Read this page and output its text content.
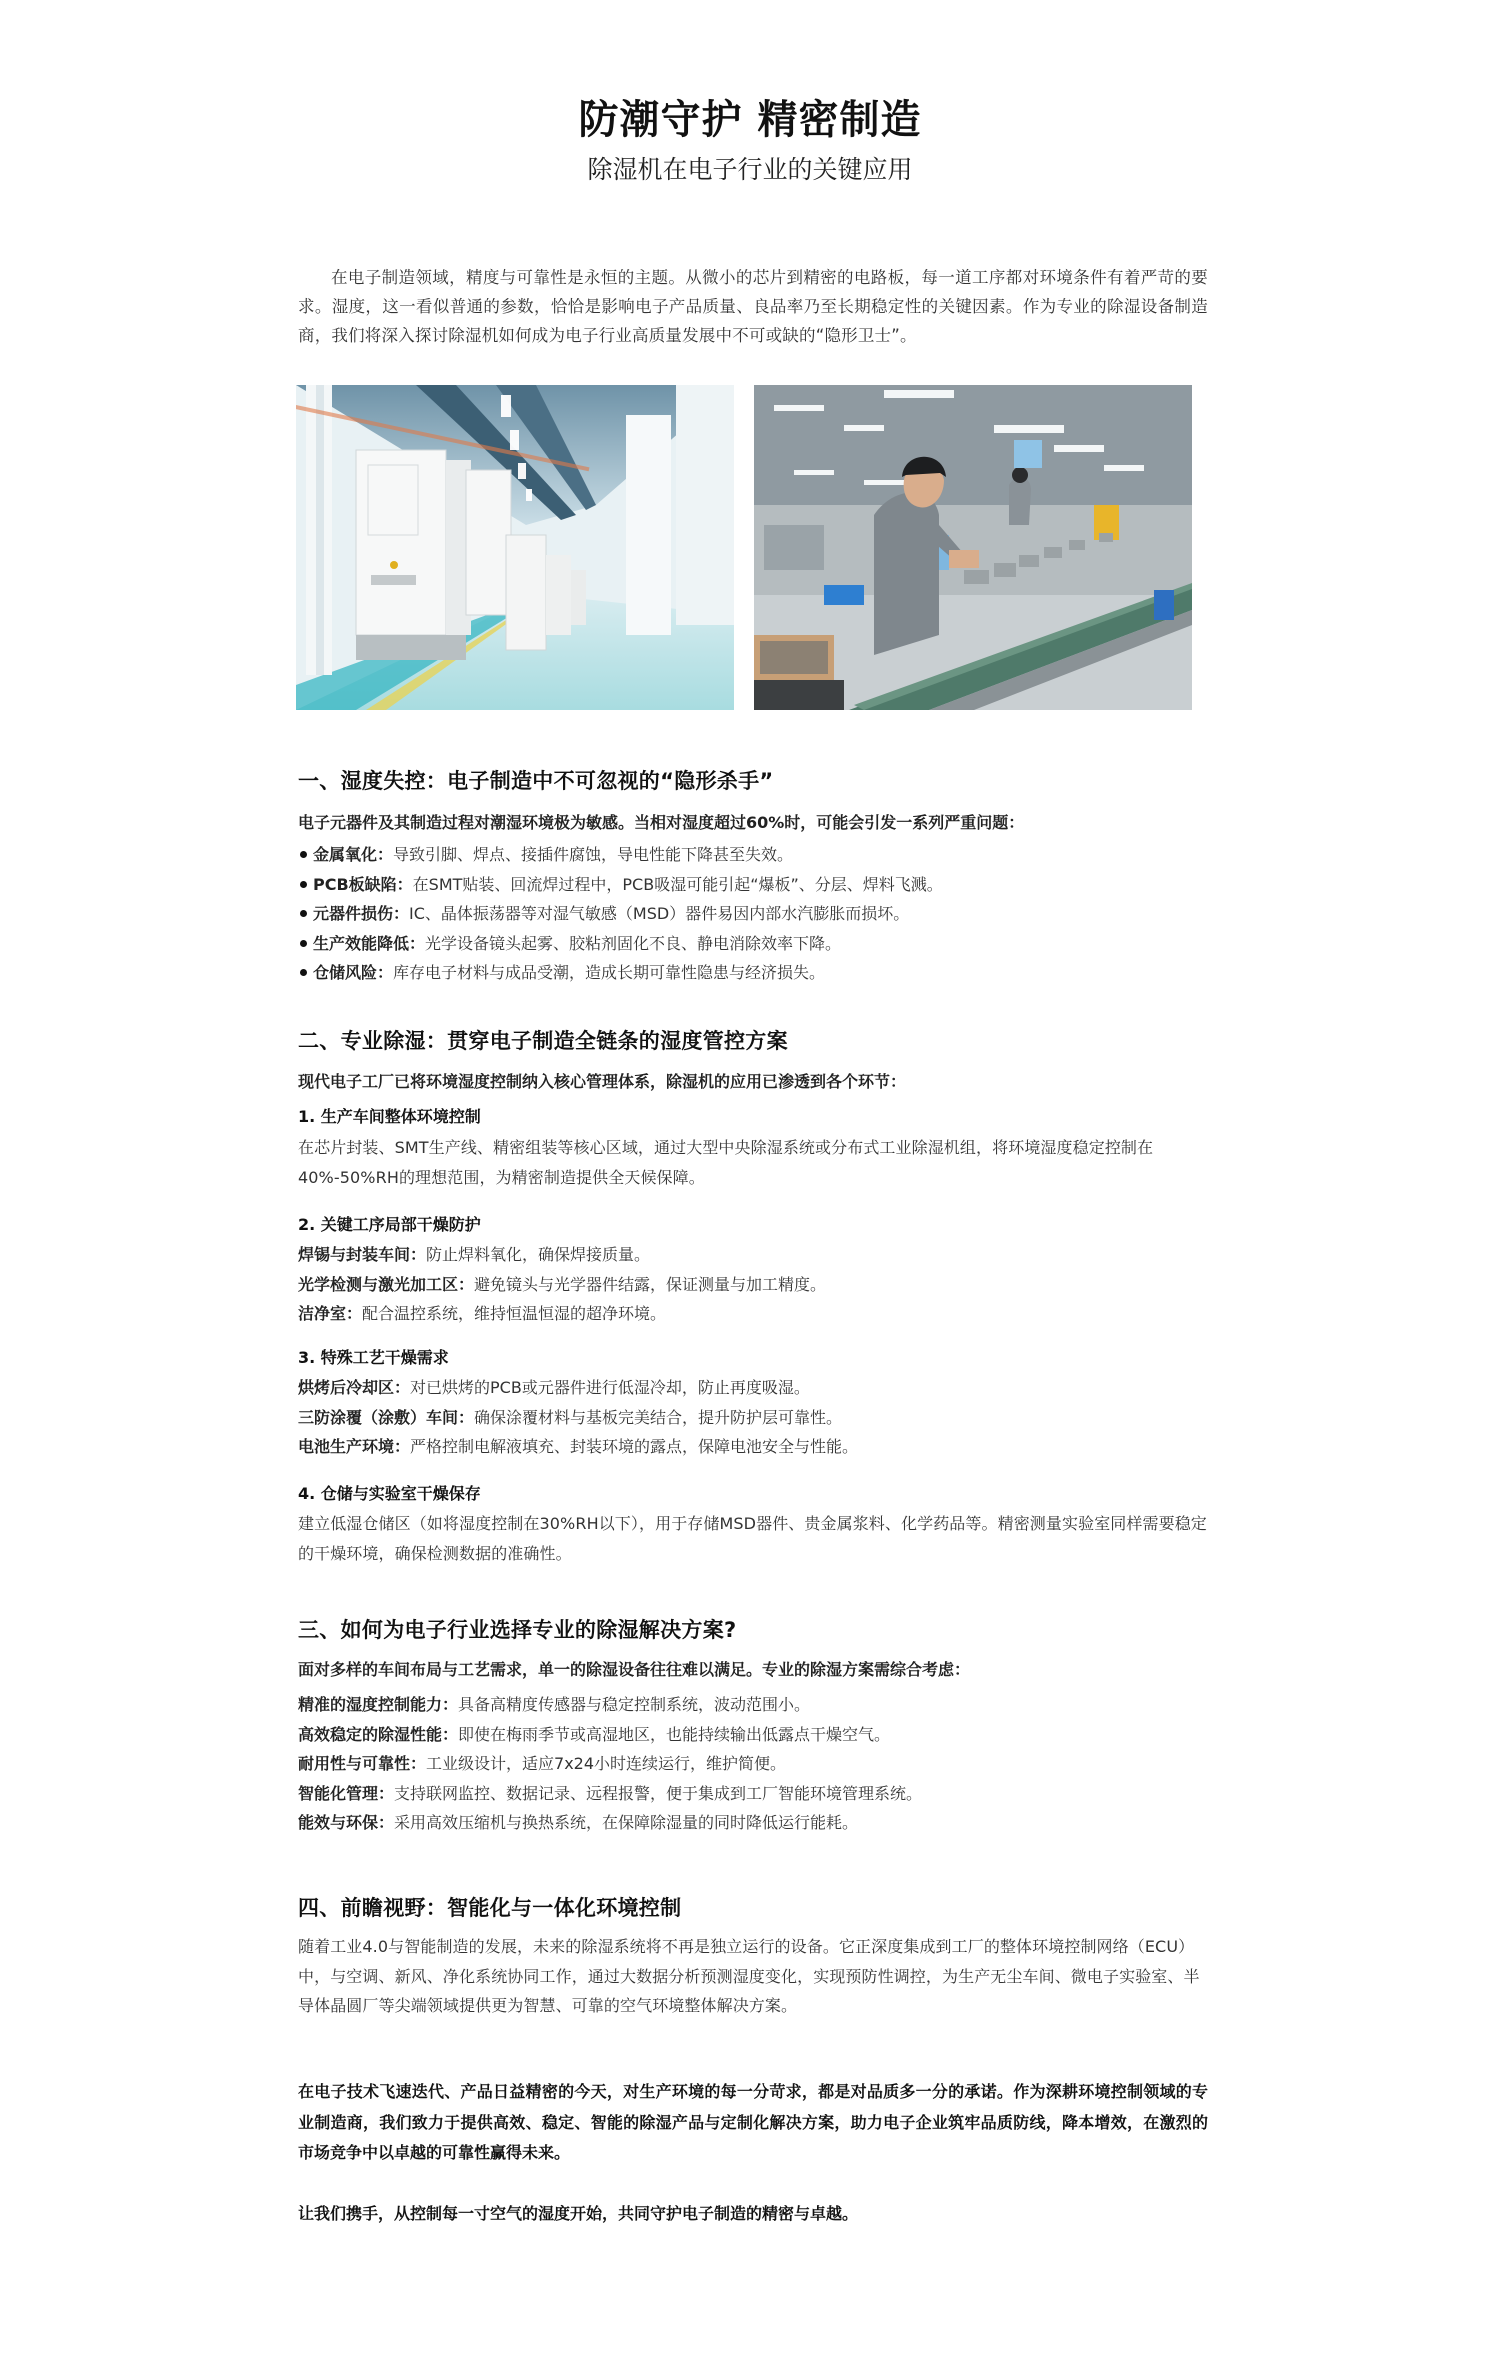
防潮守护 精密制造
除湿机在电子行业的关键应用

在电子制造领域，精度与可靠性是永恒的主题。从微小的芯片到精密的电路板，每一道工序都对环境条件有着严苛的要求。湿度，这一看似普通的参数，恰恰是影响电子产品质量、良品率乃至长期稳定性的关键因素。作为专业的除湿设备制造商，我们将深入探讨除湿机如何成为电子行业高质量发展中不可或缺的“隐形卫士”。

一、湿度失控：电子制造中不可忽视的“隐形杀手”

电子元器件及其制造过程对潮湿环境极为敏感。当相对湿度超过60%时，可能会引发一系列严重问题：

金属氧化：导致引脚、焊点、接插件腐蚀，导电性能下降甚至失效。
PCB板缺陷：在SMT贴装、回流焊过程中，PCB吸湿可能引起“爆板”、分层、焊料飞溅。
元器件损伤：IC、晶体振荡器等对湿气敏感（MSD）器件易因内部水汽膨胀而损坏。
生产效能降低：光学设备镜头起雾、胶粘剂固化不良、静电消除效率下降。
仓储风险：库存电子材料与成品受潮，造成长期可靠性隐患与经济损失。
二、专业除湿：贯穿电子制造全链条的湿度管控方案

现代电子工厂已将环境湿度控制纳入核心管理体系，除湿机的应用已渗透到各个环节：

1. 生产车间整体环境控制

在芯片封装、SMT生产线、精密组装等核心区域，通过大型中央除湿系统或分布式工业除湿机组，将环境湿度稳定控制在40%-50%RH的理想范围，为精密制造提供全天候保障。

2. 关键工序局部干燥防护
焊锡与封装车间：防止焊料氧化，确保焊接质量。
光学检测与激光加工区：避免镜头与光学器件结露，保证测量与加工精度。
洁净室：配合温控系统，维持恒温恒湿的超净环境。
3. 特殊工艺干燥需求
烘烤后冷却区：对已烘烤的PCB或元器件进行低湿冷却，防止再度吸湿。
三防涂覆（涂敷）车间：确保涂覆材料与基板完美结合，提升防护层可靠性。
电池生产环境：严格控制电解液填充、封装环境的露点，保障电池安全与性能。
4. 仓储与实验室干燥保存

建立低湿仓储区（如将湿度控制在30%RH以下），用于存储MSD器件、贵金属浆料、化学药品等。精密测量实验室同样需要稳定的干燥环境，确保检测数据的准确性。

三、如何为电子行业选择专业的除湿解决方案?

面对多样的车间布局与工艺需求，单一的除湿设备往往难以满足。专业的除湿方案需综合考虑：

精准的湿度控制能力：具备高精度传感器与稳定控制系统，波动范围小。
高效稳定的除湿性能：即使在梅雨季节或高湿地区，也能持续输出低露点干燥空气。
耐用性与可靠性：工业级设计，适应7x24小时连续运行，维护简便。
智能化管理：支持联网监控、数据记录、远程报警，便于集成到工厂智能环境管理系统。
能效与环保：采用高效压缩机与换热系统，在保障除湿量的同时降低运行能耗。
四、前瞻视野：智能化与一体化环境控制

随着工业4.0与智能制造的发展，未来的除湿系统将不再是独立运行的设备。它正深度集成到工厂的整体环境控制网络（ECU）中，与空调、新风、净化系统协同工作，通过大数据分析预测湿度变化，实现预防性调控，为生产无尘车间、微电子实验室、半导体晶圆厂等尖端领域提供更为智慧、可靠的空气环境整体解决方案。

在电子技术飞速迭代、产品日益精密的今天，对生产环境的每一分苛求，都是对品质多一分的承诺。作为深耕环境控制领域的专业制造商，我们致力于提供高效、稳定、智能的除湿产品与定制化解决方案，助力电子企业筑牢品质防线，降本增效，在激烈的市场竞争中以卓越的可靠性赢得未来。

让我们携手，从控制每一寸空气的湿度开始，共同守护电子制造的精密与卓越。
